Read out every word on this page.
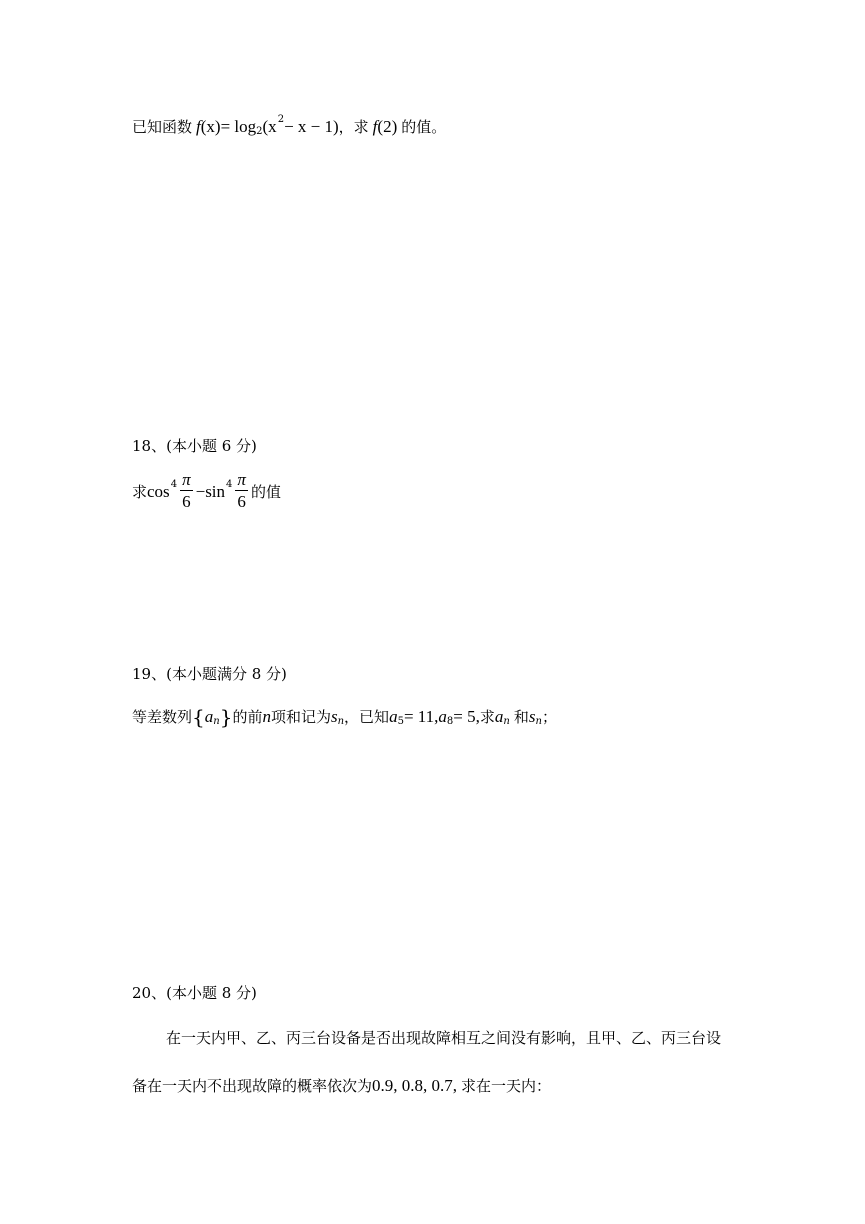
已知函数 f (x) = log 2 (x 2 − x − 1) ，求 f (2) 的值。
18、(本小题 6 分)
求 $\cos 4 \frac{\pi}{6} - \sin 4 \frac{\pi}{6}$ 的值
19、(本小题满分 8 分)
等差数列 { a n } 的前 n 项和记为 s n ，已知 a 5 = 11, a 8 = 5, 求 a n 和 s n ；
20、(本小题 8 分)
在一天内甲、乙、丙三台设备是否出现故障相互之间没有影响，且甲、乙、丙三台设
备在一天内不出现故障的概率依次为 0.9, 0.8, 0.7, 求在一天内：
